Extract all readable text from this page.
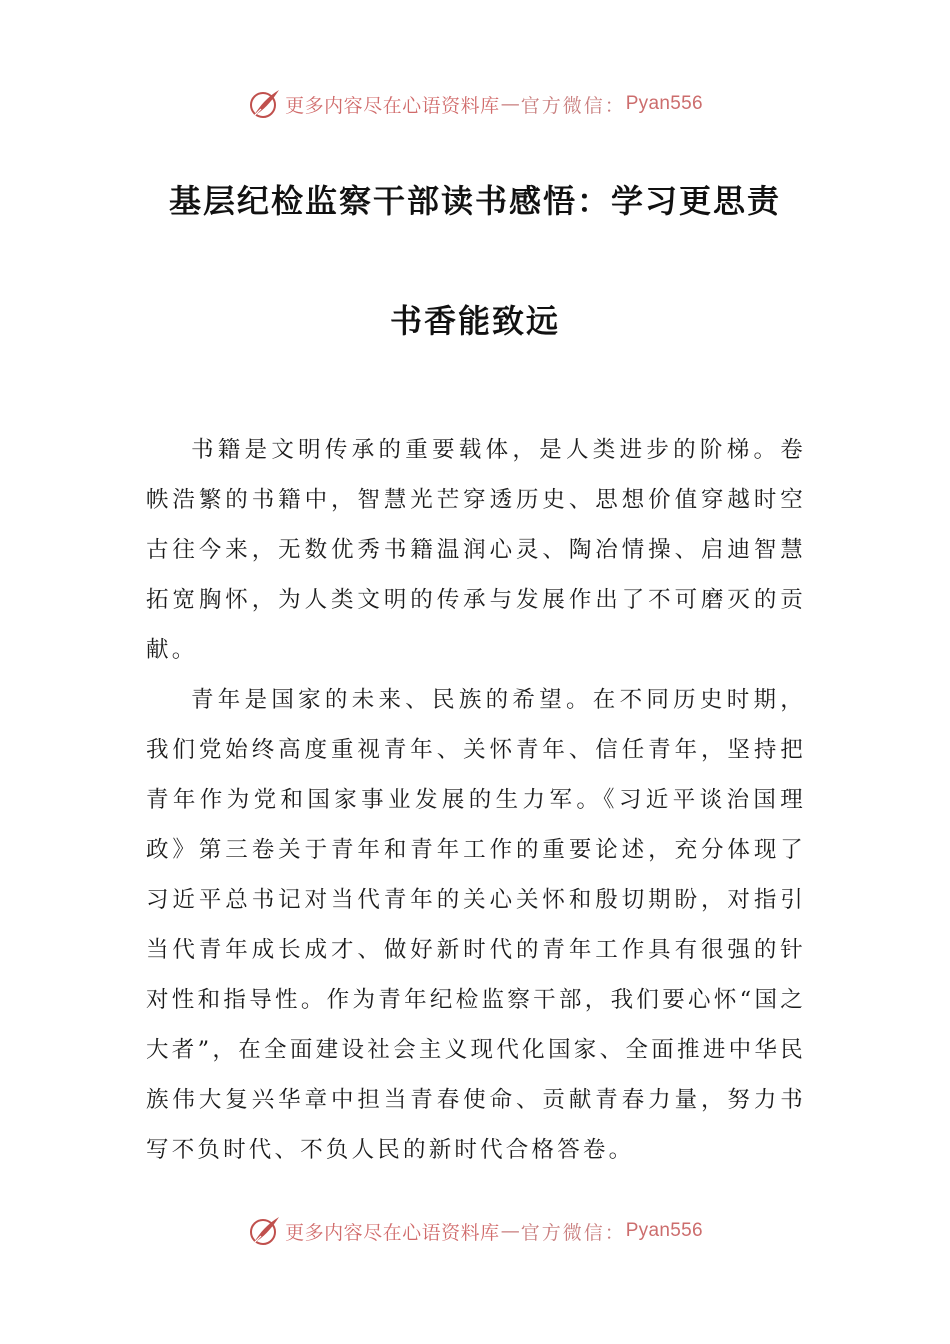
更多内容尽在心语资料库 — 官方微信： Pyan556
基层纪检监察干部读书感悟：学习更思责
书香能致远

书籍是文明传承的重要载体，是人类进步的阶梯。卷帙浩繁的书籍中，智慧光芒穿透历史、思想价值穿越时空古往今来，无数优秀书籍温润心灵、陶冶情操、启迪智慧拓宽胸怀，为人类文明的传承与发展作出了不可磨灭的贡献。

青年是国家的未来、民族的希望。在不同历史时期，我们党始终高度重视青年、关怀青年、信任青年，坚持把青年作为党和国家事业发展的生力军。《习近平谈治国理政》第三卷关于青年和青年工作的重要论述，充分体现了习近平总书记对当代青年的关心关怀和殷切期盼，对指引当代青年成长成才、做好新时代的青年工作具有很强的针对性和指导性。作为青年纪检监察干部，我们要心怀“国之大者”，在全面建设社会主义现代化国家、全面推进中华民族伟大复兴华章中担当青春使命、贡献青春力量，努力书写不负时代、不负人民的新时代合格答卷。

更多内容尽在心语资料库 — 官方微信： Pyan556
